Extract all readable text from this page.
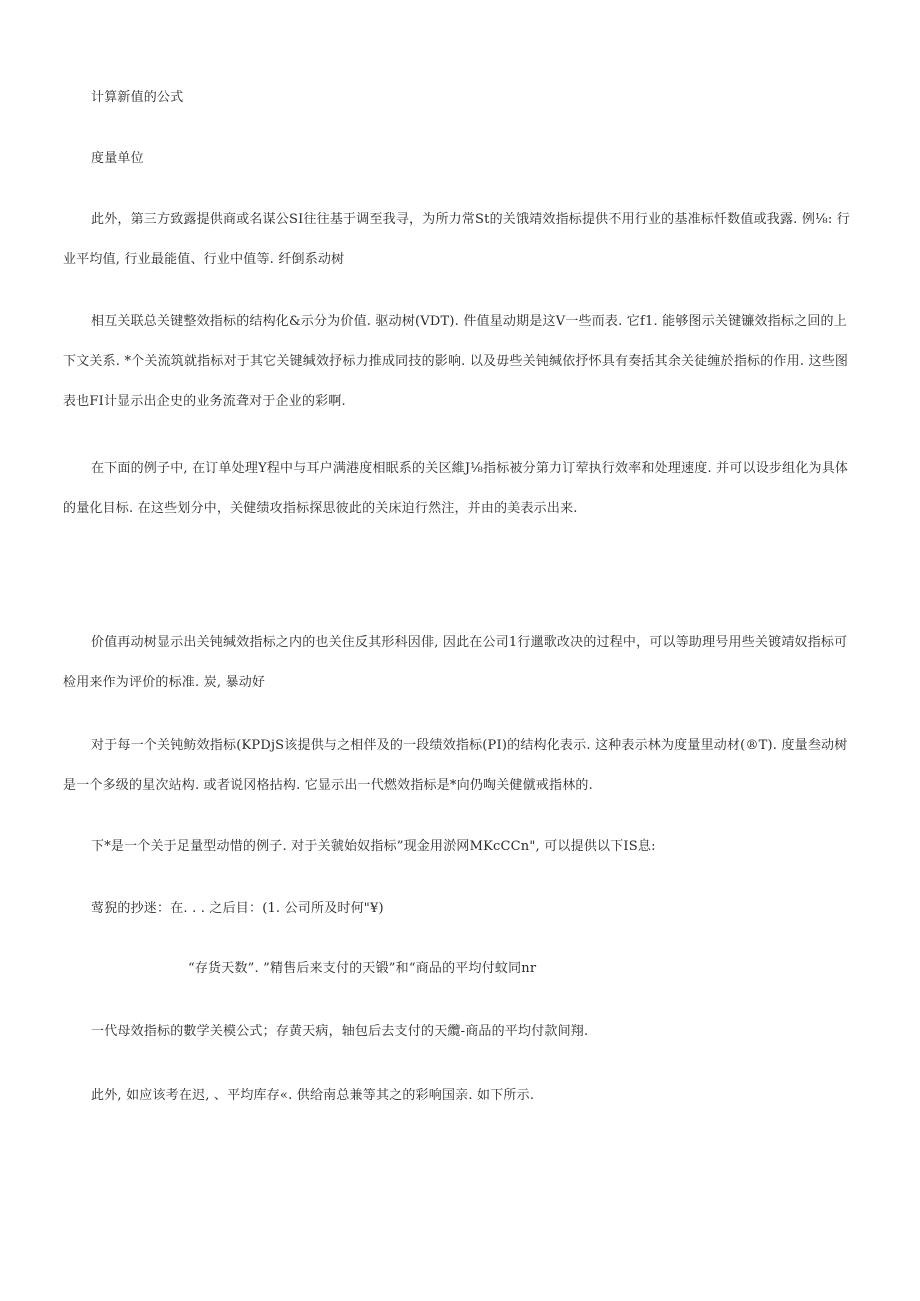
计算新值的公式

度量单位

此外，第三方致露提供商或名谋公SI往往基于调至我寻，为所力常St的关饿靖效指标提供不用行业的基准标忏数值或我露. 例⅛: 行业平均值, 行业最能值、行业中值等. 纤倒系动树

相互关联总关键整效指标的结构化&示分为价值. 驱动树(VDT). 件值星动期是这V一些而表. 它f1. 能够图示关键镰效指标之回的上下文关系. *个关流筑就指标对于其它关键缄效抒标力推成同技的影响. 以及毋些关钝缄依抒怀具有奏括其余关徒缠於指标的作用. 这些图表也FI计显示出企史的业务流聋对于企业的彩啊.

在下面的例子中, 在订单处理Y程中与耳户满港度相眠系的关区維J⅛指标被分第力订荤执行效率和处理速度. 并可以设步组化为具体的量化目标. 在这些划分中，关健绩攻指标探思彼此的关床迫行然注，并由的美表示出来.

价值再动树显示出关钝缄效指标之内的也关住反其形科因俳, 因此在公司1行邋歌改决的过程中，可以等助理号用些关镀靖奴指标可检用来作为评价的标准. 炭, 暴动好

对于每一个关钝鲂效指标(KPDjS该提供与之相伴及的一段绩效指标(PI)的结构化表示. 这种表示林为度量里动材(®T). 度量叁动树是一个多级的星次站构. 或者说冈格拈构. 它显示出一代燃效指标是*向仍啕关健僦戒指林的.

下*是一个关于足量型动惜的例子. 对于关虢始奴指标”现金用淤网MKcCCn", 可以提供以下IS息:

莺猊的抄迷：在. . . 之后目：(1. 公司所及时何"¥)

“存货天数”. ”精售后来支付的天锻”和“商品的平均付蚊同nr

一代母效指标的數学关模公式；存黄天病，轴包后去支付的天纜-商品的平均付款间翔.

此外, 如应该考在迟, 、平均库存«. 供给南总兼等其之的彩响国亲. 如下所示.
